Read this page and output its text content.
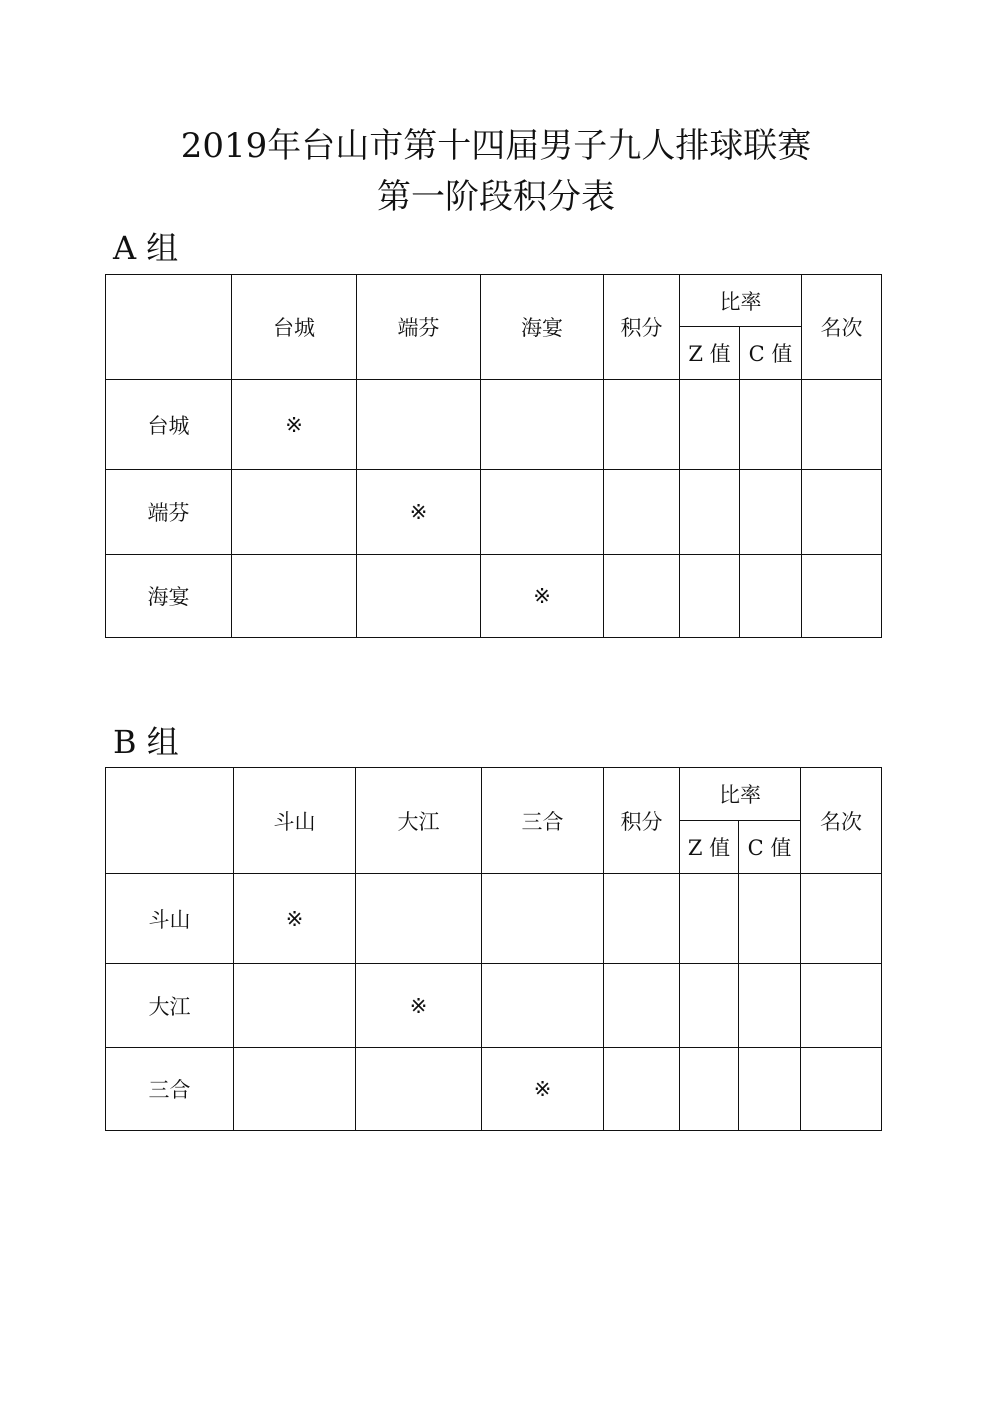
2019年台山市第十四届男子九人排球联赛
第一阶段积分表
A 组
	台城	端芬	海宴	积分	比率		名次
					Z 值	C 值	
台城	※						
端芬		※					
海宴			※				
B 组
	斗山	大江	三合	积分	比率		名次
					Z 值	C 值	
斗山	※						
大江		※					
三合			※				
